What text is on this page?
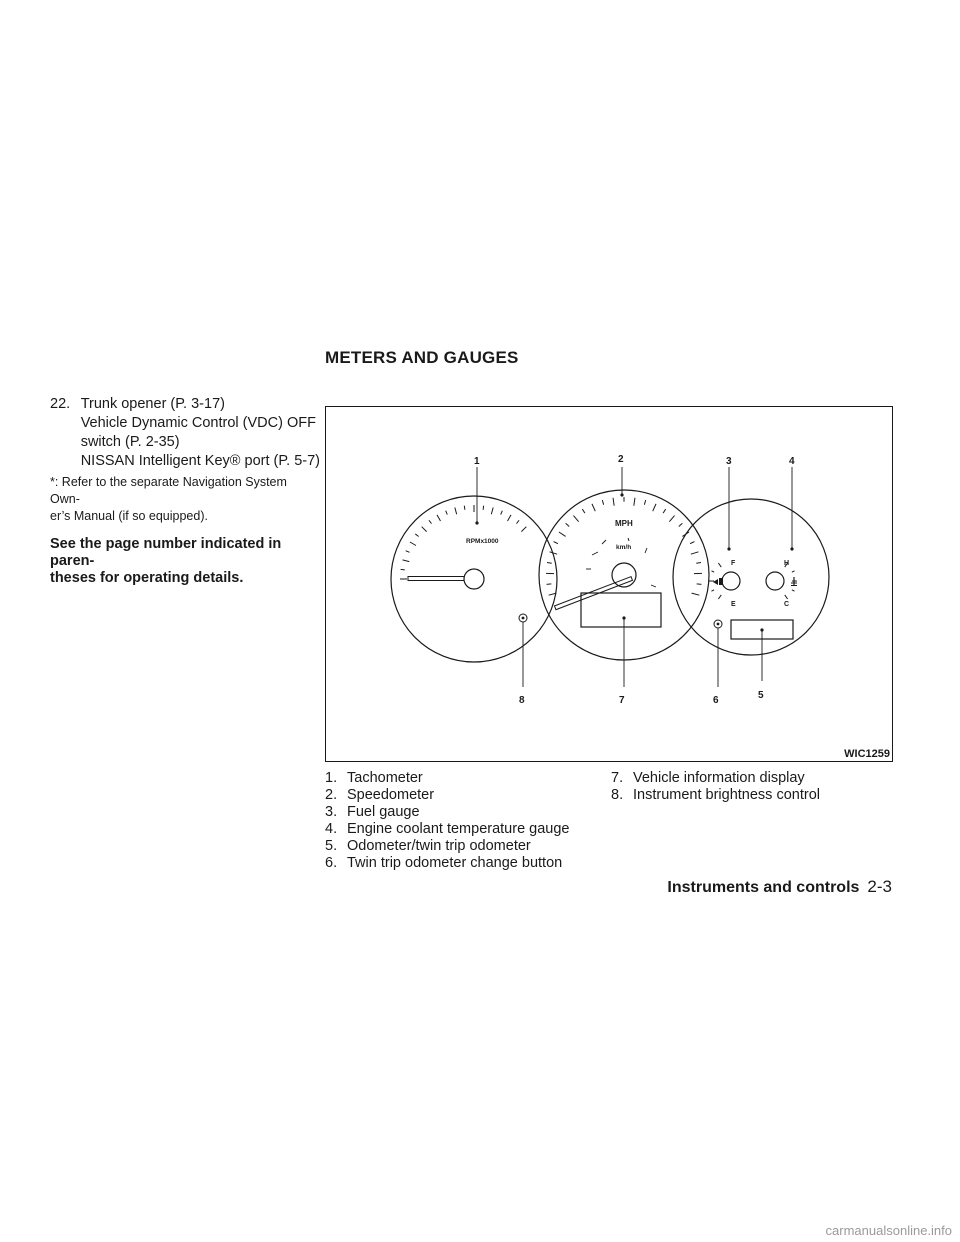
METERS AND GAUGES
22. Trunk opener (P. 3-17)
Vehicle Dynamic Control (VDC) OFF
switch (P. 2-35)
NISSAN Intelligent Key® port (P. 5-7)
*: Refer to the separate Navigation System Own-
er’s Manual (if so equipped).
See the page number indicated in paren-
theses for operating details.
RPMx1000
MPH
km/h
F
E
H
C
1	2	3	4
5
6
7
8
WIC1259
1. Tachometer
2. Speedometer
3. Fuel gauge
4. Engine coolant temperature gauge
5. Odometer/twin trip odometer
6. Twin trip odometer change button
7. Vehicle information display
8. Instrument brightness control
Instruments and controls 2-3
carmanualsonline.info
